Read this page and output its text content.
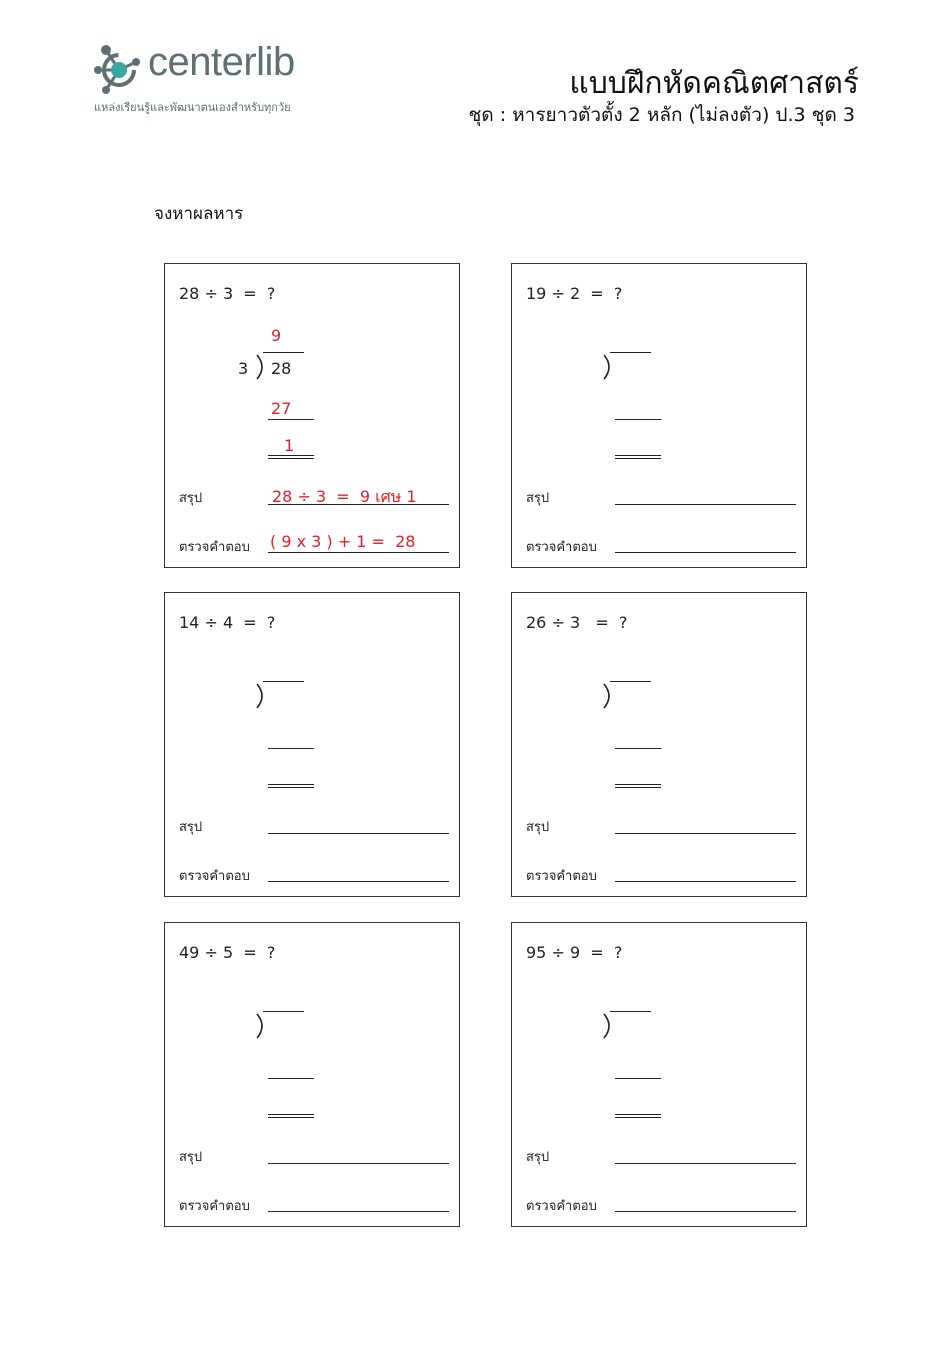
centerlib
แหล่งเรียนรู้และพัฒนาตนเองสำหรับทุกวัย
แบบฝึกหัดคณิตศาสตร์
ชุด : หารยาวตัวตั้ง 2 หลัก (ไม่ลงตัว) ป.3 ชุด 3
จงหาผลหาร
28 ÷ 3  =  ?
9
3 28
27
1
สรุป	28 ÷ 3  =  9 เศษ 1
ตรวจคำตอบ ( 9 x 3 ) + 1 =  28
19 ÷ 2  =  ?
สรุป
ตรวจคำตอบ
14 ÷ 4  =  ?
สรุป
ตรวจคำตอบ
26 ÷ 3   =  ?
สรุป
ตรวจคำตอบ
49 ÷ 5  =  ?
สรุป
ตรวจคำตอบ
95 ÷ 9  =  ?
สรุป
ตรวจคำตอบ
